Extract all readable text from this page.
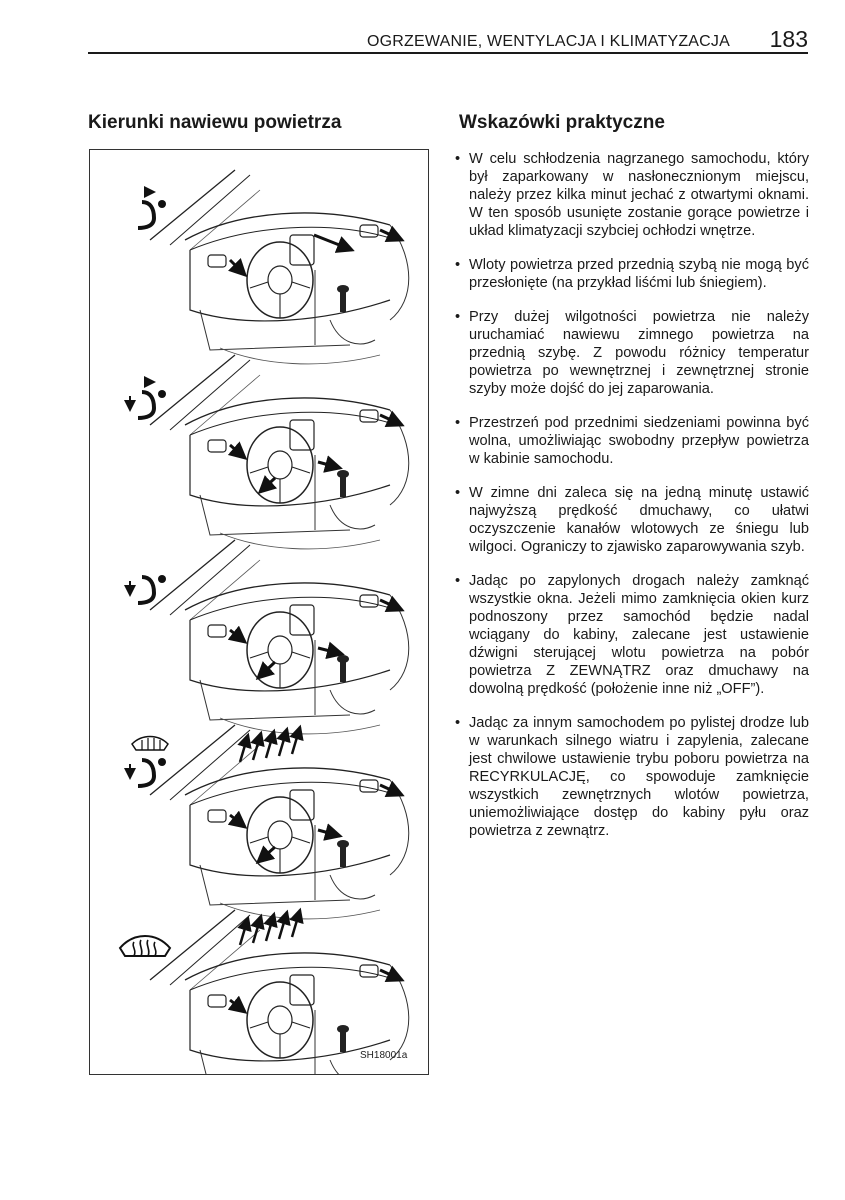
OGRZEWANIE, WENTYLACJA I KLIMATYZACJA 183
Kierunki nawiewu powietrza	Wskazówki praktyczne
SH18001a
• W celu schłodzenia nagrzanego samochodu, który był zaparkowany w nasłonecznionym miejscu, należy przez kilka minut jechać z otwartymi oknami. W ten sposób usunięte zostanie gorące powietrze i układ klimatyzacji szybciej ochłodzi wnętrze.
• Wloty powietrza przed przednią szybą nie mogą być przesłonięte (na przykład liśćmi lub śniegiem).
• Przy dużej wilgotności powietrza nie należy uruchamiać nawiewu zimnego powietrza na przednią szybę. Z powodu różnicy temperatur powietrza po wewnętrznej i zewnętrznej stronie szyby może dojść do jej zaparowania.
• Przestrzeń pod przednimi siedzeniami powinna być wolna, umożliwiając swobodny przepływ powietrza w kabinie samochodu.
• W zimne dni zaleca się na jedną minutę ustawić najwyższą prędkość dmuchawy, co ułatwi oczyszczenie kanałów wlotowych ze śniegu lub wilgoci. Ograniczy to zjawisko zaparowywania szyb.
• Jadąc po zapylonych drogach należy zamknąć wszystkie okna. Jeżeli mimo zamknięcia okien kurz podnoszony przez samochód będzie nadal wciągany do kabiny, zalecane jest ustawienie dźwigni sterującej wlotu powietrza na pobór powietrza Z ZEWNĄTRZ oraz dmuchawy na dowolną prędkość (położenie inne niż „OFF”).
• Jadąc za innym samochodem po pylistej drodze lub w warunkach silnego wiatru i zapylenia, zalecane jest chwilowe ustawienie trybu poboru powietrza na RECYRKULACJĘ, co spowoduje zamknięcie wszystkich zewnętrznych wlotów powietrza, uniemożliwiające dostęp do kabiny pyłu oraz powietrza z zewnątrz.
